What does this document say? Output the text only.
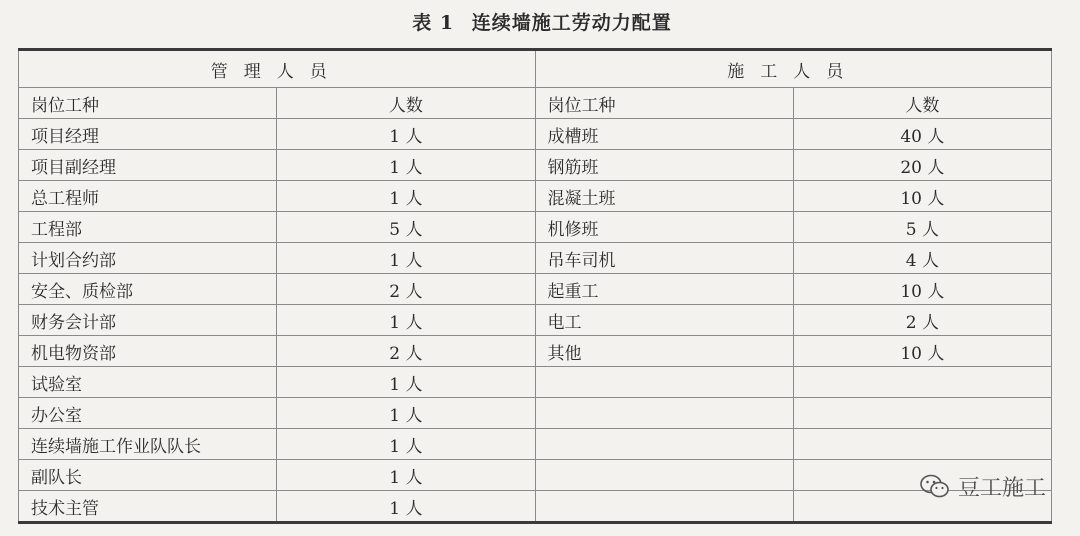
表 1 连续墙施工劳动力配置
管理人员		施工人员	
岗位工种	人数	岗位工种	人数
项目经理	1 人	成槽班	40 人
项目副经理	1 人	钢筋班	20 人
总工程师	1 人	混凝土班	10 人
工程部	5 人	机修班	5 人
计划合约部	1 人	吊车司机	4 人
安全、质检部	2 人	起重工	10 人
财务会计部	1 人	电工	2 人
机电物资部	2 人	其他	10 人
试验室	1 人		
办公室	1 人		
连续墙施工作业队队长	1 人		
副队长	1 人		
技术主管	1 人		
豆工施工
